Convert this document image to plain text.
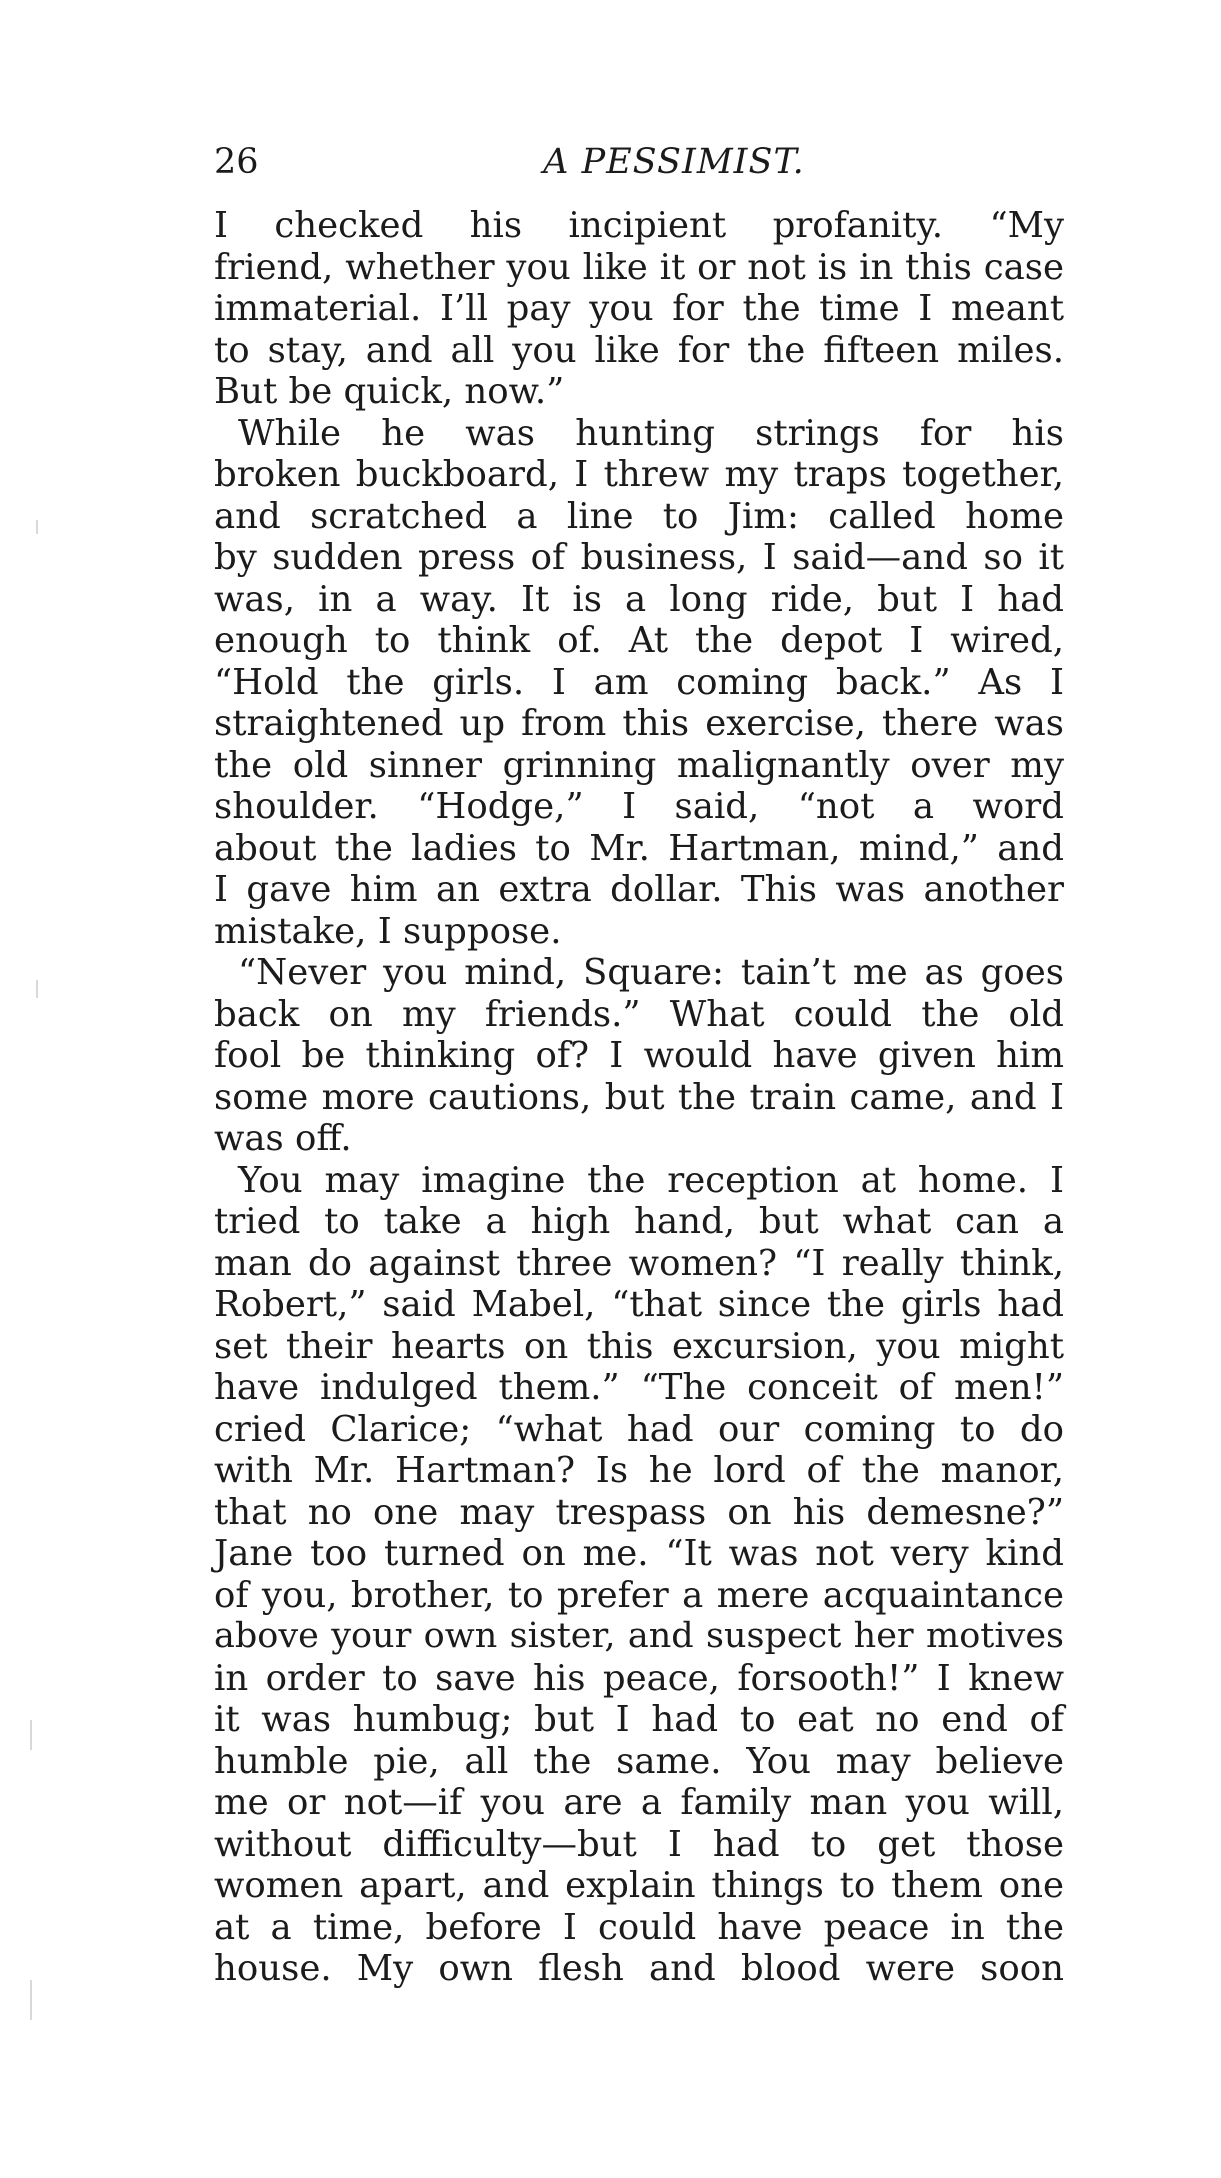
26	A PESSIMIST.
I checked his incipient profanity. “My
friend, whether you like it or not is in this case
immaterial. I’ll pay you for the time I meant
to stay, and all you like for the fifteen miles.
But be quick, now.”
While he was hunting strings for his
broken buckboard, I threw my traps together,
and scratched a line to Jim: called home
by sudden press of business, I said—and so it
was, in a way. It is a long ride, but I had
enough to think of. At the depot I wired,
“Hold the girls. I am coming back.” As I
straightened up from this exercise, there was
the old sinner grinning malignantly over my
shoulder. “Hodge,” I said, “not a word
about the ladies to Mr. Hartman, mind,” and
I gave him an extra dollar. This was another
mistake, I suppose.
“Never you mind, Square: tain’t me as goes
back on my friends.” What could the old
fool be thinking of? I would have given him
some more cautions, but the train came, and I
was off.
You may imagine the reception at home. I
tried to take a high hand, but what can a
man do against three women? “I really think,
Robert,” said Mabel, “that since the girls had
set their hearts on this excursion, you might
have indulged them.” “The conceit of men!”
cried Clarice; “what had our coming to do
with Mr. Hartman? Is he lord of the manor,
that no one may trespass on his demesne?”
Jane too turned on me. “It was not very kind
of you, brother, to prefer a mere acquaintance
above your own sister, and suspect her motives
in order to save his peace, forsooth!” I knew
it was humbug; but I had to eat no end of
humble pie, all the same. You may believe
me or not—if you are a family man you will,
without difficulty—but I had to get those
women apart, and explain things to them one
at a time, before I could have peace in the
house. My own flesh and blood were soon
